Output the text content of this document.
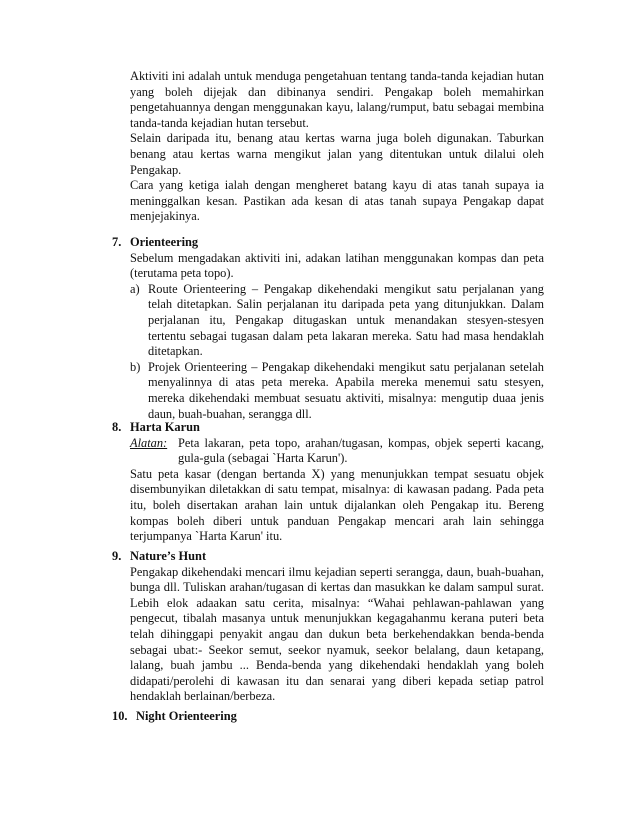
Aktiviti ini adalah untuk menduga pengetahuan tentang tanda-tanda kejadian hutan yang boleh dijejak dan dibinanya sendiri. Pengakap boleh memahirkan pengetahuannya dengan menggunakan kayu, lalang/rumput, batu sebagai membina tanda-tanda kejadian hutan tersebut.

Selain daripada itu, benang atau kertas warna juga boleh digunakan. Taburkan benang atau kertas warna mengikut jalan yang ditentukan untuk dilalui oleh Pengakap.

Cara yang ketiga ialah dengan mengheret batang kayu di atas tanah supaya ia meninggalkan kesan. Pastikan ada kesan di atas tanah supaya Pengakap dapat menjejakinya.

7. Orienteering

Sebelum mengadakan aktiviti ini, adakan latihan menggunakan kompas dan peta (terutama peta topo).

a) Route Orienteering – Pengakap dikehendaki mengikut satu perjalanan yang telah ditetapkan. Salin perjalanan itu daripada peta yang ditunjukkan. Dalam perjalanan itu, Pengakap ditugaskan untuk menandakan stesyen-stesyen tertentu sebagai tugasan dalam peta lakaran mereka. Satu had masa hendaklah ditetapkan.
b) Projek Orienteering – Pengakap dikehendaki mengikut satu perjalanan setelah menyalinnya di atas peta mereka. Apabila mereka menemui satu stesyen, mereka dikehendaki membuat sesuatu aktiviti, misalnya: mengutip duaa jenis daun, buah-buahan, serangga dll.
8. Harta Karun
Alatan: Peta lakaran, peta topo, arahan/tugasan, kompas, objek seperti kacang, gula-gula (sebagai `Harta Karun').

Satu peta kasar (dengan bertanda X) yang menunjukkan tempat sesuatu objek disembunyikan diletakkan di satu tempat, misalnya: di kawasan padang. Pada peta itu, boleh disertakan arahan lain untuk dijalankan oleh Pengakap itu. Bereng kompas boleh diberi untuk panduan Pengakap mencari arah lain sehingga terjumpanya `Harta Karun' itu.

9. Nature’s Hunt

Pengakap dikehendaki mencari ilmu kejadian seperti serangga, daun, buah-buahan, bunga dll. Tuliskan arahan/tugasan di kertas dan masukkan ke dalam sampul surat. Lebih elok adaakan satu cerita, misalnya: “Wahai pehlawan-pahlawan yang pengecut, tibalah masanya untuk menunjukkan kegagahanmu kerana puteri beta telah dihinggapi penyakit angau dan dukun beta berkehendakkan benda-benda sebagai ubat:- Seekor semut, seekor nyamuk, seekor belalang, daun ketapang, lalang, buah jambu ... Benda-benda yang dikehendaki hendaklah yang boleh didapati/perolehi di kawasan itu dan senarai yang diberi kepada setiap patrol hendaklah berlainan/berbeza.

10. Night Orienteering
